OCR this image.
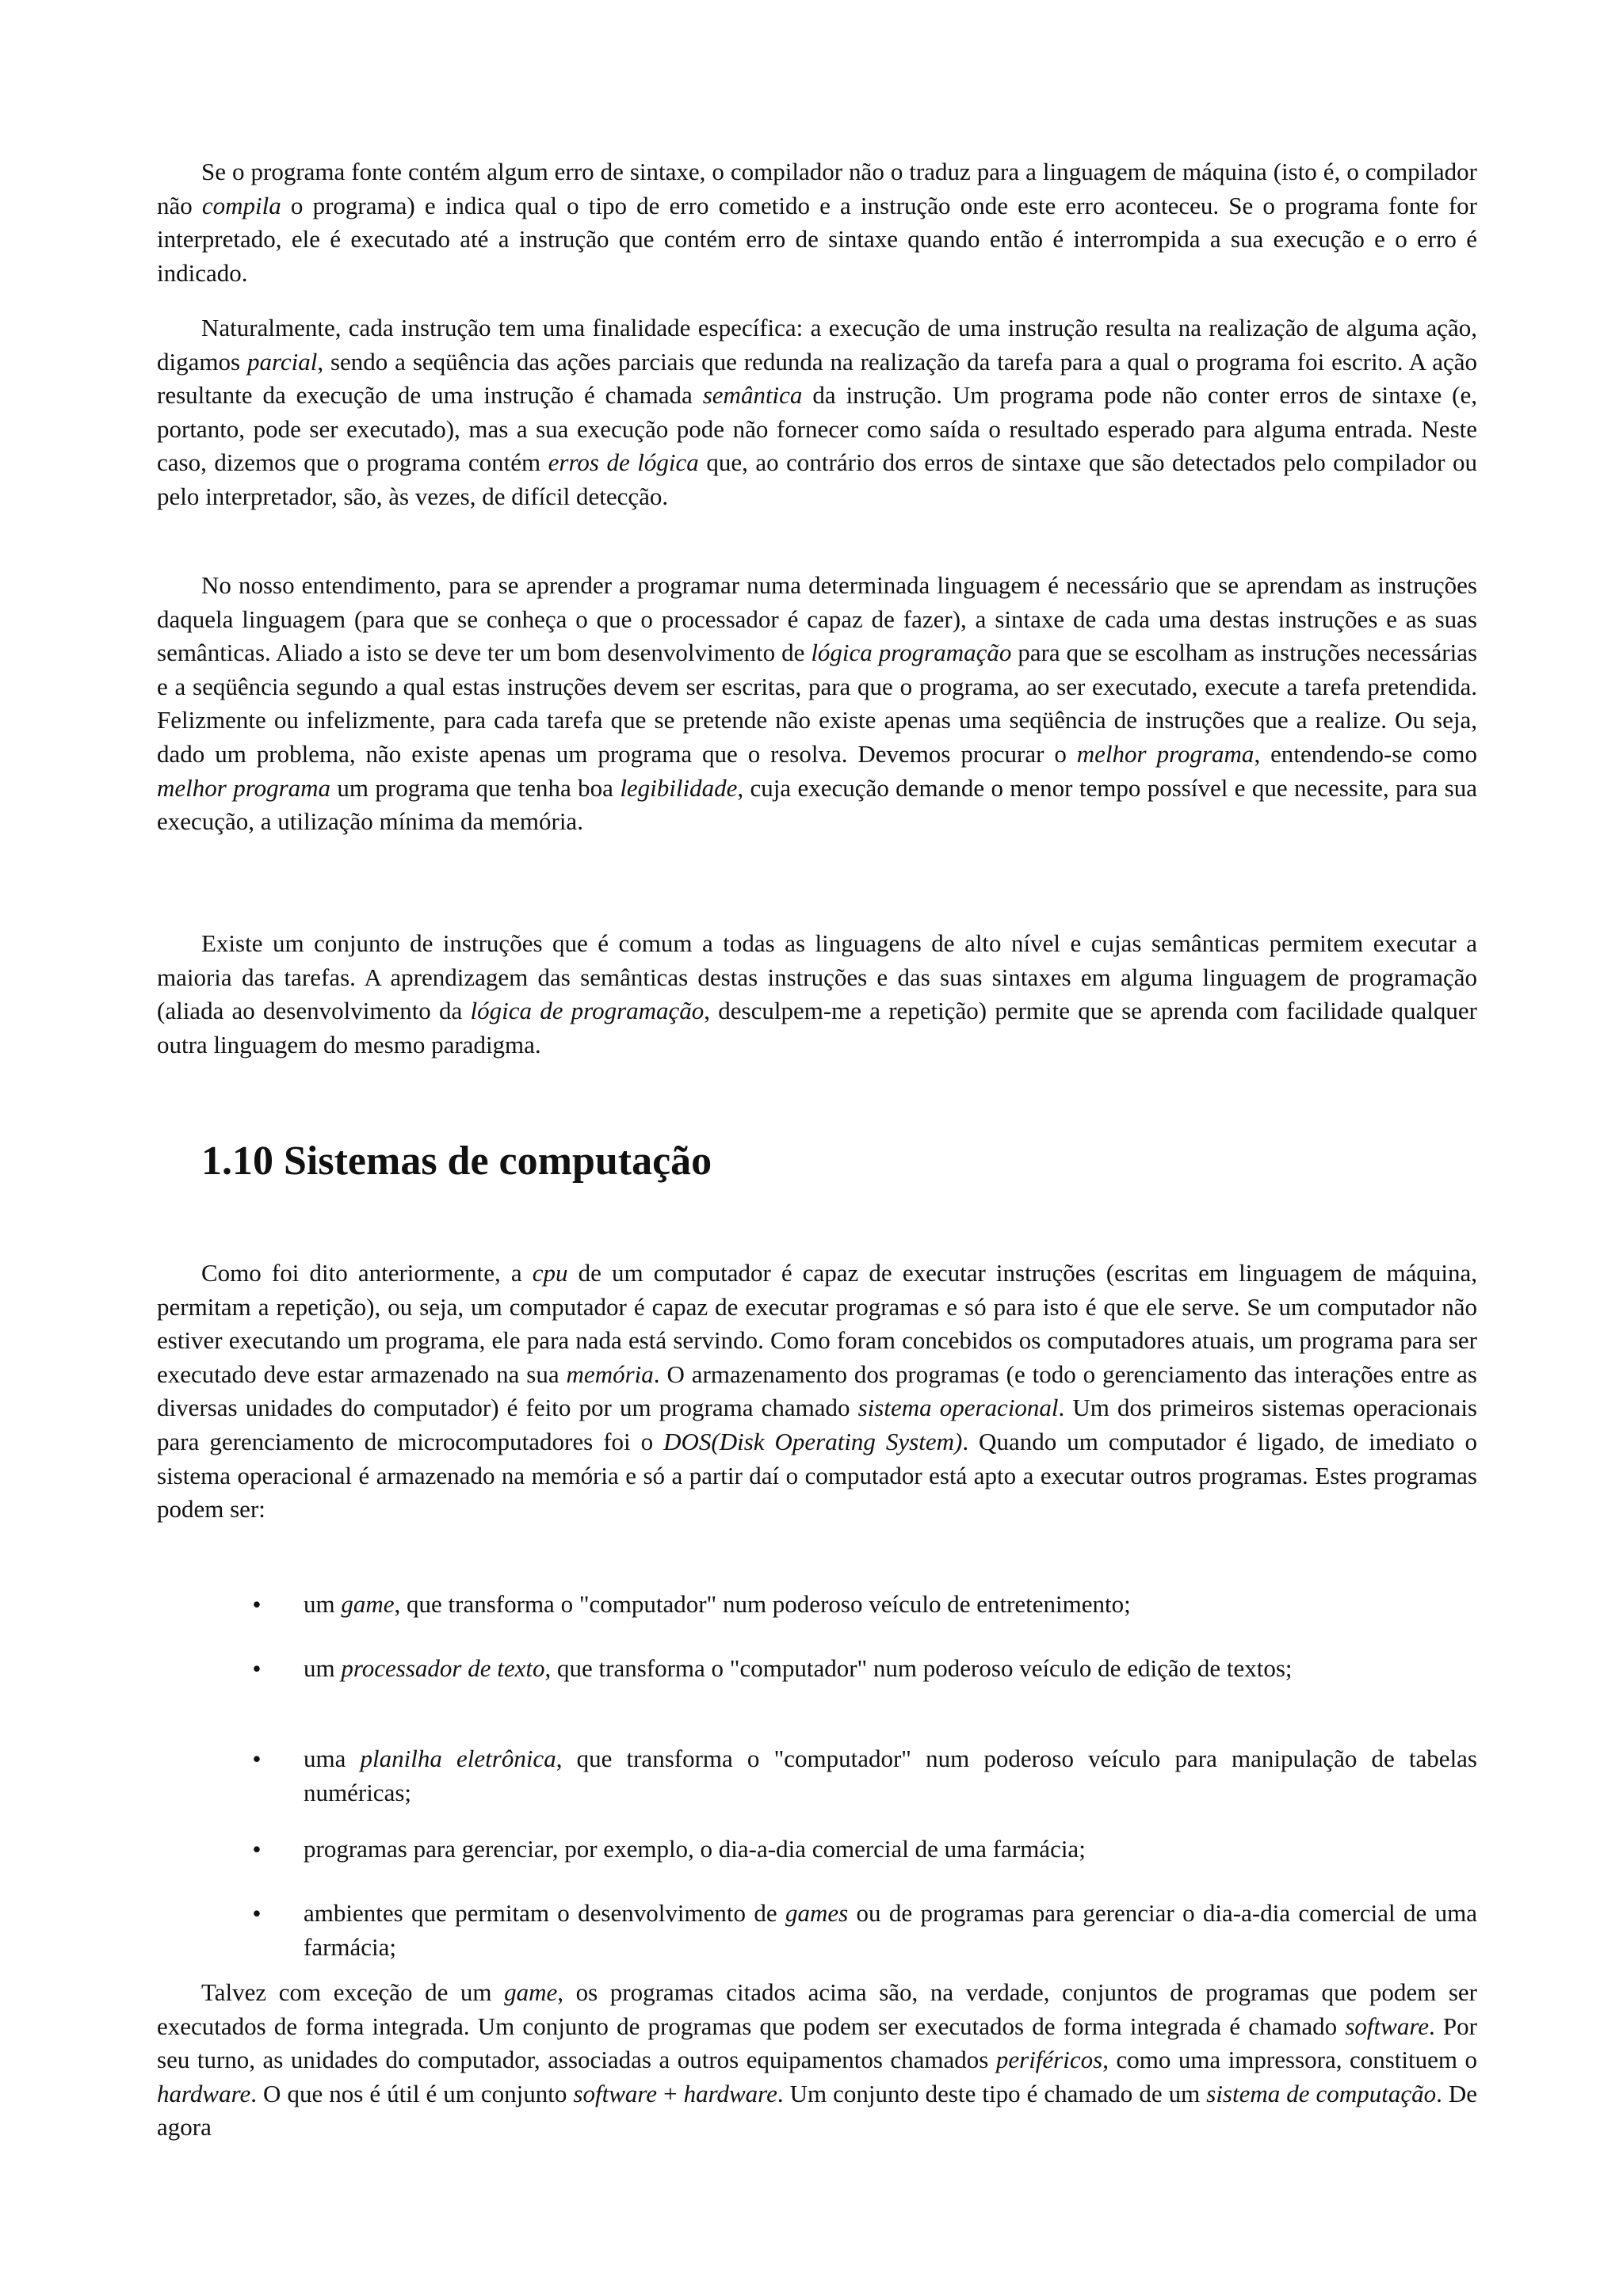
Se o programa fonte contém algum erro de sintaxe, o compilador não o traduz para a linguagem de máquina (isto é, o compilador não compila o programa) e indica qual o tipo de erro cometido e a instrução onde este erro aconteceu. Se o programa fonte for interpretado, ele é executado até a instrução que contém erro de sintaxe quando então é interrompida a sua execução e o erro é indicado.

Naturalmente, cada instrução tem uma finalidade específica: a execução de uma instrução resulta na realização de alguma ação, digamos parcial, sendo a seqüência das ações parciais que redunda na realização da tarefa para a qual o programa foi escrito. A ação resultante da execução de uma instrução é chamada semântica da instrução. Um programa pode não conter erros de sintaxe (e, portanto, pode ser executado), mas a sua execução pode não fornecer como saída o resultado esperado para alguma entrada. Neste caso, dizemos que o programa contém erros de lógica que, ao contrário dos erros de sintaxe que são detectados pelo compilador ou pelo interpretador, são, às vezes, de difícil detecção.

No nosso entendimento, para se aprender a programar numa determinada linguagem é necessário que se aprendam as instruções daquela linguagem (para que se conheça o que o processador é capaz de fazer), a sintaxe de cada uma destas instruções e as suas semânticas. Aliado a isto se deve ter um bom desenvolvimento de lógica programação para que se escolham as instruções necessárias e a seqüência segundo a qual estas instruções devem ser escritas, para que o programa, ao ser executado, execute a tarefa pretendida. Felizmente ou infelizmente, para cada tarefa que se pretende não existe apenas uma seqüência de instruções que a realize. Ou seja, dado um problema, não existe apenas um programa que o resolva. Devemos procurar o melhor programa, entendendo-se como melhor programa um programa que tenha boa legibilidade, cuja execução demande o menor tempo possível e que necessite, para sua execução, a utilização mínima da memória.

Existe um conjunto de instruções que é comum a todas as linguagens de alto nível e cujas semânticas permitem executar a maioria das tarefas. A aprendizagem das semânticas destas instruções e das suas sintaxes em alguma linguagem de programação (aliada ao desenvolvimento da lógica de programação, desculpem-me a repetição) permite que se aprenda com facilidade qualquer outra linguagem do mesmo paradigma.

1.10 Sistemas de computação

Como foi dito anteriormente, a cpu de um computador é capaz de executar instruções (escritas em linguagem de máquina, permitam a repetição), ou seja, um computador é capaz de executar programas e só para isto é que ele serve. Se um computador não estiver executando um programa, ele para nada está servindo. Como foram concebidos os computadores atuais, um programa para ser executado deve estar armazenado na sua memória. O armazenamento dos programas (e todo o gerenciamento das interações entre as diversas unidades do computador) é feito por um programa chamado sistema operacional. Um dos primeiros sistemas operacionais para gerenciamento de microcomputadores foi o DOS(Disk Operating System). Quando um computador é ligado, de imediato o sistema operacional é armazenado na memória e só a partir daí o computador está apto a executar outros programas. Estes programas podem ser:

• um game, que transforma o "computador" num poderoso veículo de entretenimento;
• um processador de texto, que transforma o "computador" num poderoso veículo de edição de textos;
• uma planilha eletrônica, que transforma o "computador" num poderoso veículo para manipulação de tabelas numéricas;
• programas para gerenciar, por exemplo, o dia-a-dia comercial de uma farmácia;
• ambientes que permitam o desenvolvimento de games ou de programas para gerenciar o dia-a-dia comercial de uma farmácia;

Talvez com exceção de um game, os programas citados acima são, na verdade, conjuntos de programas que podem ser executados de forma integrada. Um conjunto de programas que podem ser executados de forma integrada é chamado software. Por seu turno, as unidades do computador, associadas a outros equipamentos chamados periféricos, como uma impressora, constituem o hardware. O que nos é útil é um conjunto software + hardware. Um conjunto deste tipo é chamado de um sistema de computação. De agora
